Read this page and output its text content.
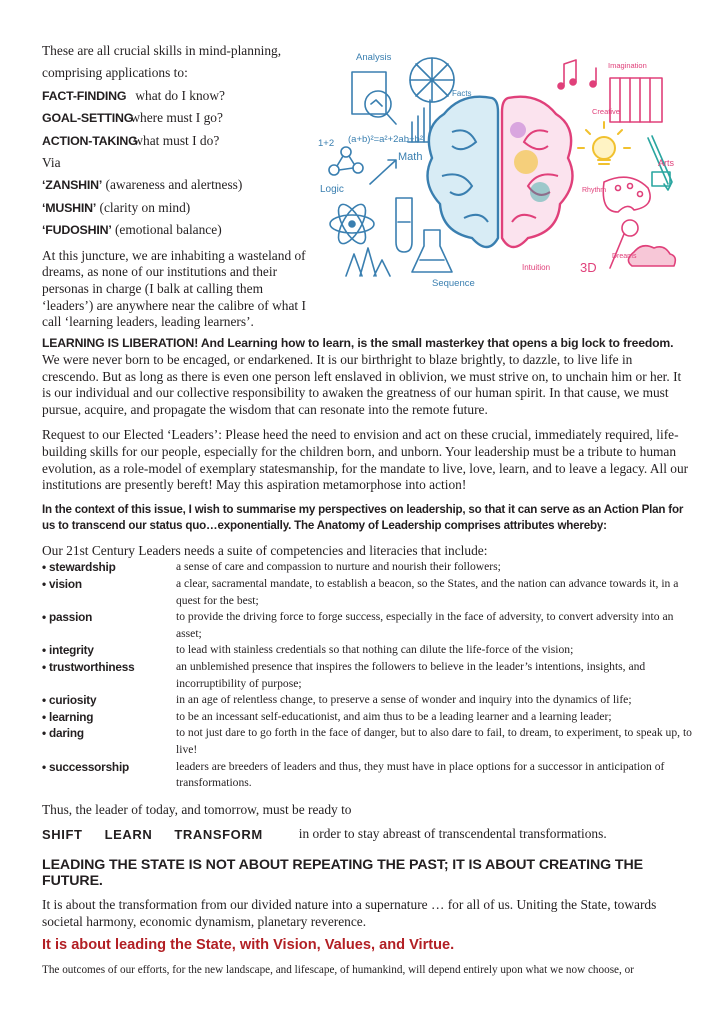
These are all crucial skills in mind-planning,
comprising applications to:
FACT-FINDING what do I know?
GOAL-SETTING where must I go?
ACTION-TAKING what must I do?
Via
‘ZANSHIN’ (awareness and alertness)
‘MUSHIN’ (clarity on mind)
‘FUDOSHIN’ (emotional balance)

At this juncture, we are inhabiting a wasteland of dreams, as none of our institutions and their personas in charge (I balk at calling them ‘leaders’) are anywhere near the calibre of what I call ‘learning leaders, leading learners’.

Analysis
Facts
Imagination
Creative
Arts
Rhythm
Dreams
Intuition 3D
Sequence
Logic
Math
(a+b)²=a²+2ab+b²
1+2

LEARNING IS LIBERATION! And Learning how to learn, is the small masterkey that opens a big lock to freedom. We were never born to be encaged, or endarkened. It is our birthright to blaze brightly, to dazzle, to live life in crescendo. But as long as there is even one person left enslaved in oblivion, we must strive on, to unchain him or her. It is our individual and our collective responsibility to awaken the greatness of our human spirit. In that cause, we must pursue, acquire, and propagate the wisdom that can resonate into the remote future.

Request to our Elected ‘Leaders’: Please heed the need to envision and act on these crucial, immediately required, life-building skills for our people, especially for the children born, and unborn. Your leadership must be a tribute to human evolution, as a role-model of exemplary statesmanship, for the mandate to live, love, learn, and to leave a legacy. All our institutions are presently bereft! May this aspiration metamorphose into action!

In the context of this issue, I wish to summarise my perspectives on leadership, so that it can serve as an Action Plan for us to transcend our status quo…exponentially. The Anatomy of Leadership comprises attributes whereby:

Our 21st Century Leaders needs a suite of competencies and literacies that include:

• stewardship	a sense of care and compassion to nurture and nourish their followers;
• vision	a clear, sacramental mandate, to establish a beacon, so the States, and the nation can advance towards it, in a quest for the best;
• passion	to provide the driving force to forge success, especially in the face of adversity, to convert adversity into an asset;
• integrity	to lead with stainless credentials so that nothing can dilute the life-force of the vision;
• trustworthiness	an unblemished presence that inspires the followers to believe in the leader’s intentions, insights, and incorruptibility of purpose;
• curiosity	in an age of relentless change, to preserve a sense of wonder and inquiry into the dynamics of life;
• learning	to be an incessant self-educationist, and aim thus to be a leading learner and a learning leader;
• daring	to not just dare to go forth in the face of danger, but to also dare to fail, to dream, to experiment, to speak up, to live!
• successorship	leaders are breeders of leaders and thus, they must have in place options for a successor in anticipation of transformations.

Thus, the leader of today, and tomorrow, must be ready to

SHIFT LEARN TRANSFORM	in order to stay abreast of transcendental transformations.
LEADING THE STATE IS NOT ABOUT REPEATING THE PAST; IT IS ABOUT CREATING THE FUTURE.

It is about the transformation from our divided nature into a supernature … for all of us. Uniting the State, towards societal harmony, economic dynamism, planetary reverence.

It is about leading the State, with Vision, Values, and Virtue.

The outcomes of our efforts, for the new landscape, and lifescape, of humankind, will depend entirely upon what we now choose, or
